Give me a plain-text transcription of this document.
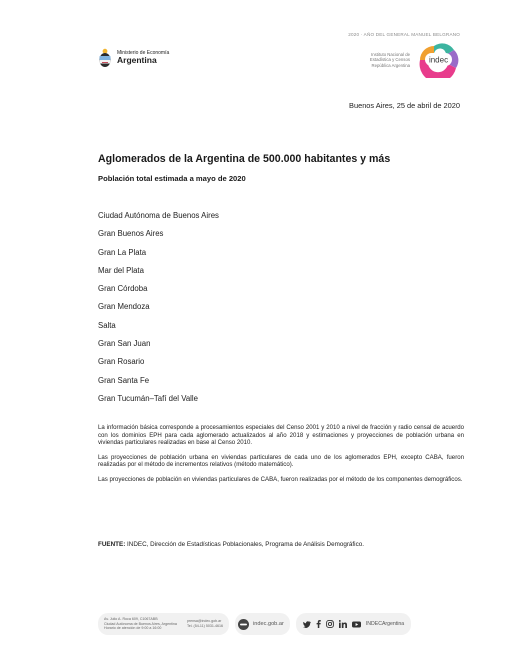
2020 · AÑO DEL GENERAL MANUEL BELGRANO
Ministerio de Economía
Argentina
Instituto Nacional de
Estadística y Censos
República Argentina
indec
Buenos Aires, 25 de abril de 2020
Aglomerados de la Argentina de 500.000 habitantes y más
Población total estimada a mayo de 2020
Ciudad Autónoma de Buenos Aires
Gran Buenos Aires
Gran La Plata
Mar del Plata
Gran Córdoba
Gran Mendoza
Salta
Gran San Juan
Gran Rosario
Gran Santa Fe
Gran Tucumán–Tafí del Valle

La información básica corresponde a procesamientos especiales del Censo 2001 y 2010 a nivel de fracción y radio censal de acuerdo con los dominios EPH para cada aglomerado actualizados al año 2018 y estimaciones y proyecciones de población urbana en viviendas particulares realizadas en base al Censo 2010.

Las proyecciones de población urbana en viviendas particulares de cada uno de los aglomerados EPH, excepto CABA, fueron realizadas por el método de incrementos relativos (método matemático).

Las proyecciones de población en viviendas particulares de CABA, fueron realizadas por el método de los componentes demográficos.

FUENTE: INDEC, Dirección de Estadísticas Poblacionales, Programa de Análisis Demográfico.
Av. Julio A. Roca 609, C1067ABB
Ciudad Autónoma de Buenos Aires, Argentina
Horario de atención de 9:00 a 16:00
prensa@indec.gob.ar
Tel. (54-11) 5031-4616	indec.gob.ar	INDECArgentina
